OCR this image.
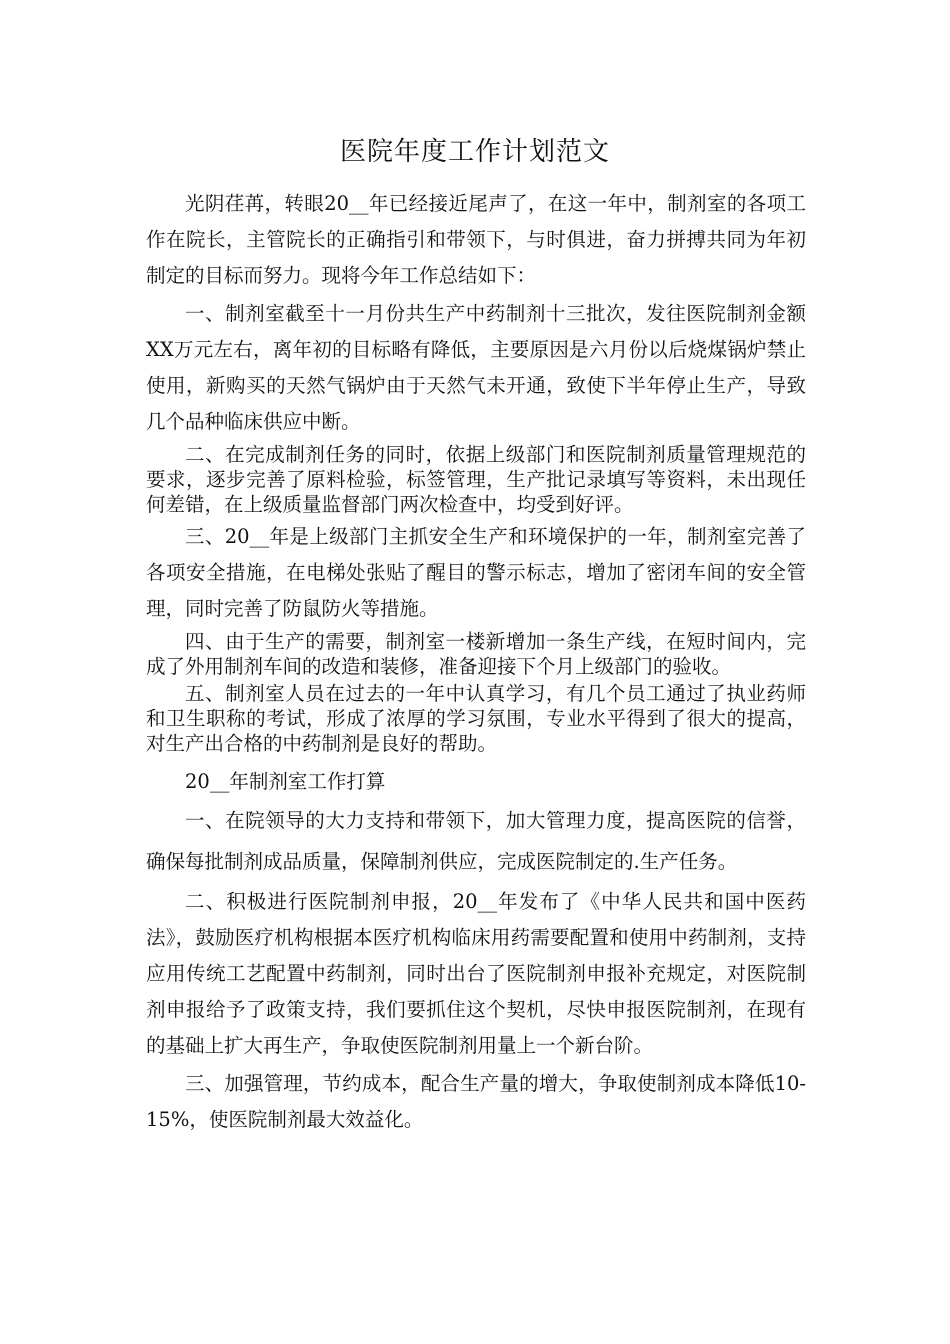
医院年度工作计划范文

光阴荏苒，转眼20__年已经接近尾声了，在这一年中，制剂室的各项工作在院长，主管院长的正确指引和带领下，与时俱进，奋力拼搏共同为年初制定的目标而努力。现将今年工作总结如下：

一、制剂室截至十一月份共生产中药制剂十三批次，发往医院制剂金额XX万元左右，离年初的目标略有降低，主要原因是六月份以后烧煤锅炉禁止使用，新购买的天然气锅炉由于天然气未开通，致使下半年停止生产，导致几个品种临床供应中断。

二、在完成制剂任务的同时，依据上级部门和医院制剂质量管理规范的要求，逐步完善了原料检验，标签管理，生产批记录填写等资料，未出现任何差错，在上级质量监督部门两次检查中，均受到好评。

三、20__年是上级部门主抓安全生产和环境保护的一年，制剂室完善了各项安全措施，在电梯处张贴了醒目的警示标志，增加了密闭车间的安全管理，同时完善了防鼠防火等措施。

四、由于生产的需要，制剂室一楼新增加一条生产线，在短时间内，完成了外用制剂车间的改造和装修，准备迎接下个月上级部门的验收。

五、制剂室人员在过去的一年中认真学习，有几个员工通过了执业药师和卫生职称的考试，形成了浓厚的学习氛围，专业水平得到了很大的提高，对生产出合格的中药制剂是良好的帮助。

20__年制剂室工作打算

一、在院领导的大力支持和带领下，加大管理力度，提高医院的信誉，确保每批制剂成品质量，保障制剂供应，完成医院制定的.生产任务。

二、积极进行医院制剂申报，20__年发布了《中华人民共和国中医药法》，鼓励医疗机构根据本医疗机构临床用药需要配置和使用中药制剂，支持应用传统工艺配置中药制剂，同时出台了医院制剂申报补充规定，对医院制剂申报给予了政策支持，我们要抓住这个契机，尽快申报医院制剂，在现有的基础上扩大再生产，争取使医院制剂用量上一个新台阶。

三、加强管理，节约成本，配合生产量的增大，争取使制剂成本降低10-15%，使医院制剂最大效益化。
